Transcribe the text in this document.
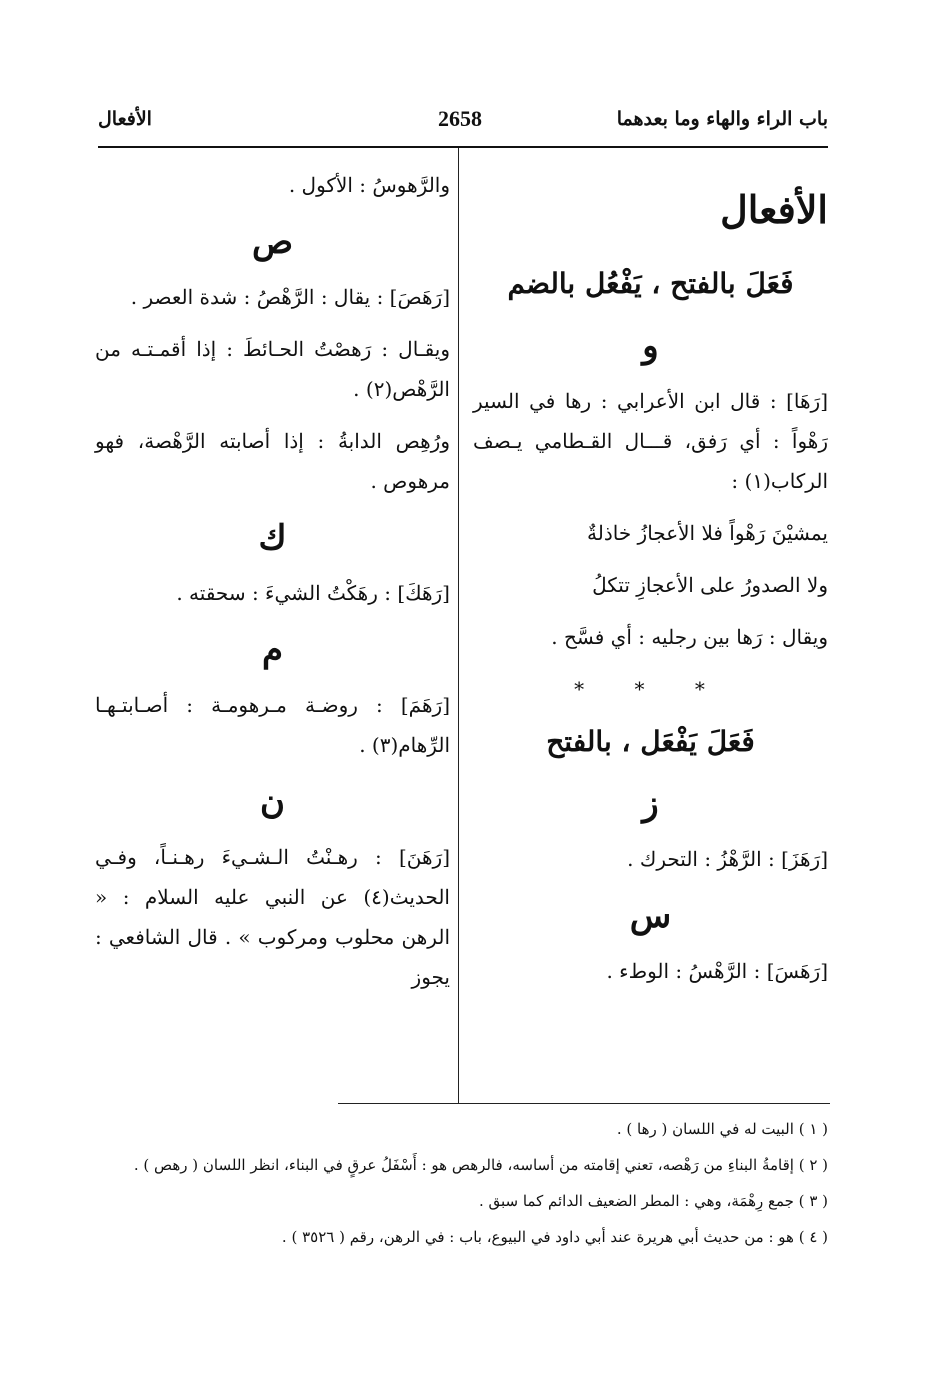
باب الراء والهاء وما بعدهما
2658
الأفعال
الأفعال
فَعَلَ بالفتح ، يَفْعُل بالضم
و

[رَهَا] : قال ابن الأعرابي : رها في السير رَهْواً : أي رَفق، قـــال القـطامي يـصف الركاب(١) :

يمشيْنَ رَهْواً فلا الأعجازُ خاذلةٌ

ولا الصدورُ على الأعجازِ تتكلُ

ويقال : رَها بين رجليه : أي فسَّح .

* * *
فَعَلَ يَفْعَل ، بالفتح
ز

[رَهَزَ] : الرَّهْزُ : التحرك .

س

[رَهَسَ] : الرَّهْسُ : الوطء .

والرَّهوسُ : الأكول .

ص

[رَهَصَ] : يقال : الرَّهْصُ : شدة العصر .

ويقـال : رَهصْتُ الحـائطَ : إذا أقمـتـه من الرَّهْص(٢) .

ورُهِص الدابةُ : إذا أصابته الرَّهْصة، فهو مرهوص .

ك

[رَهَكَ] : رهَكْتُ الشيءَ : سحقته .

م

[رَهَمَ] : روضـة مـرهومـة : أصـابتـهـا الرِّهام(٣) .

ن

[رَهَنَ] : رهـنْتُ الـشـيءَ رهـنـاً، وفـي الحديث(٤) عن النبي عليه السلام : « الرهن محلوب ومركوب » . قال الشافعي : يجوز

( ١ ) البيت له في اللسان ( رها ) .
( ٢ ) إقامةُ البناءِ من رَهْصه، تعني إقامته من أساسه، فالرهص هو : أَسْفَلُ عرقٍ في البناء، انظر اللسان ( رهص ) .
( ٣ ) جمع رِهْمَة، وهي : المطر الضعيف الدائم كما سبق .
( ٤ ) هو : من حديث أبي هريرة عند أبي داود في البيوع، باب : في الرهن، رقم ( ٣٥٢٦ ) .
